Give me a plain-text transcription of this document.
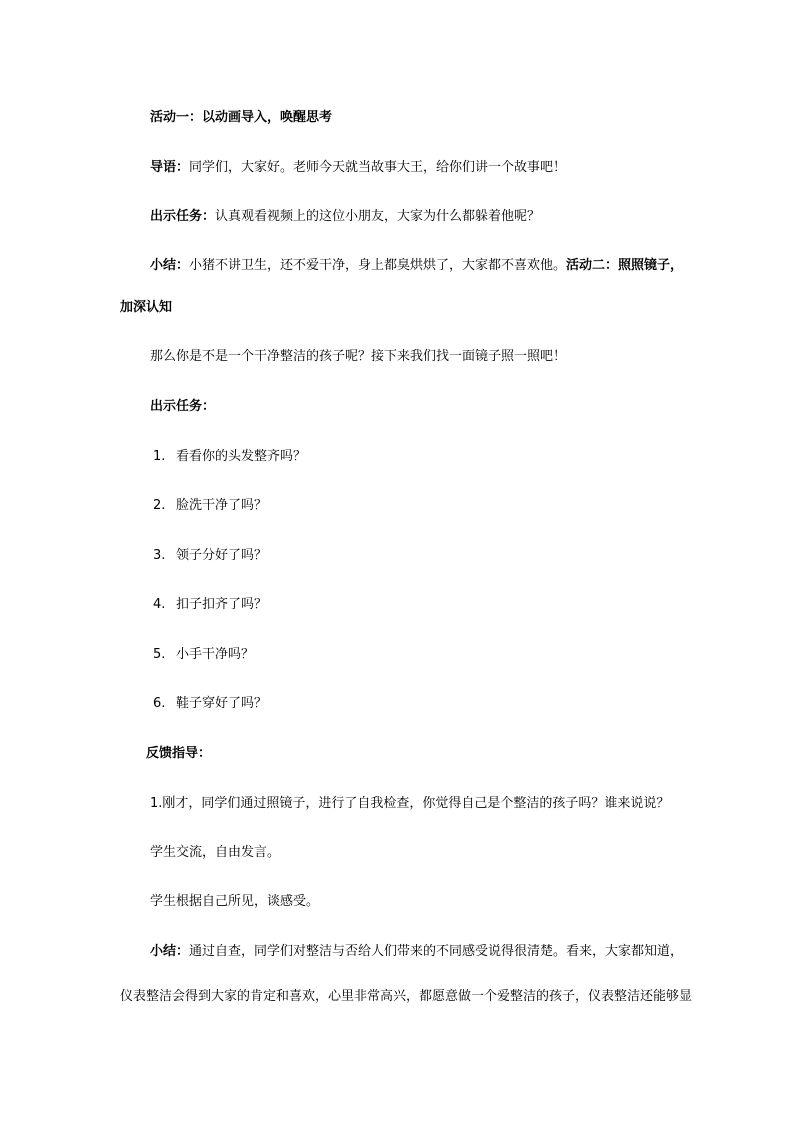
活动一：以动画导入，唤醒思考
导语：同学们，大家好。老师今天就当故事大王，给你们讲一个故事吧！
出示任务：认真观看视频上的这位小朋友，大家为什么都躲着他呢？
小结：小猪不讲卫生，还不爱干净，身上都臭烘烘了，大家都不喜欢他。活动二：照照镜子，
加深认知
那么你是不是一个干净整洁的孩子呢？接下来我们找一面镜子照一照吧！
出示任务：
1. 看看你的头发整齐吗？
2. 脸洗干净了吗？
3. 领子分好了吗？
4. 扣子扣齐了吗？
5. 小手干净吗？
6. 鞋子穿好了吗？
反馈指导：
1.刚才，同学们通过照镜子，进行了自我检查，你觉得自己是个整洁的孩子吗？谁来说说？
学生交流，自由发言。
学生根据自己所见，谈感受。
小结：通过自查，同学们对整洁与否给人们带来的不同感受说得很清楚。看来，大家都知道，
仪表整洁会得到大家的肯定和喜欢，心里非常高兴，都愿意做一个爱整洁的孩子，仪表整洁还能够显
